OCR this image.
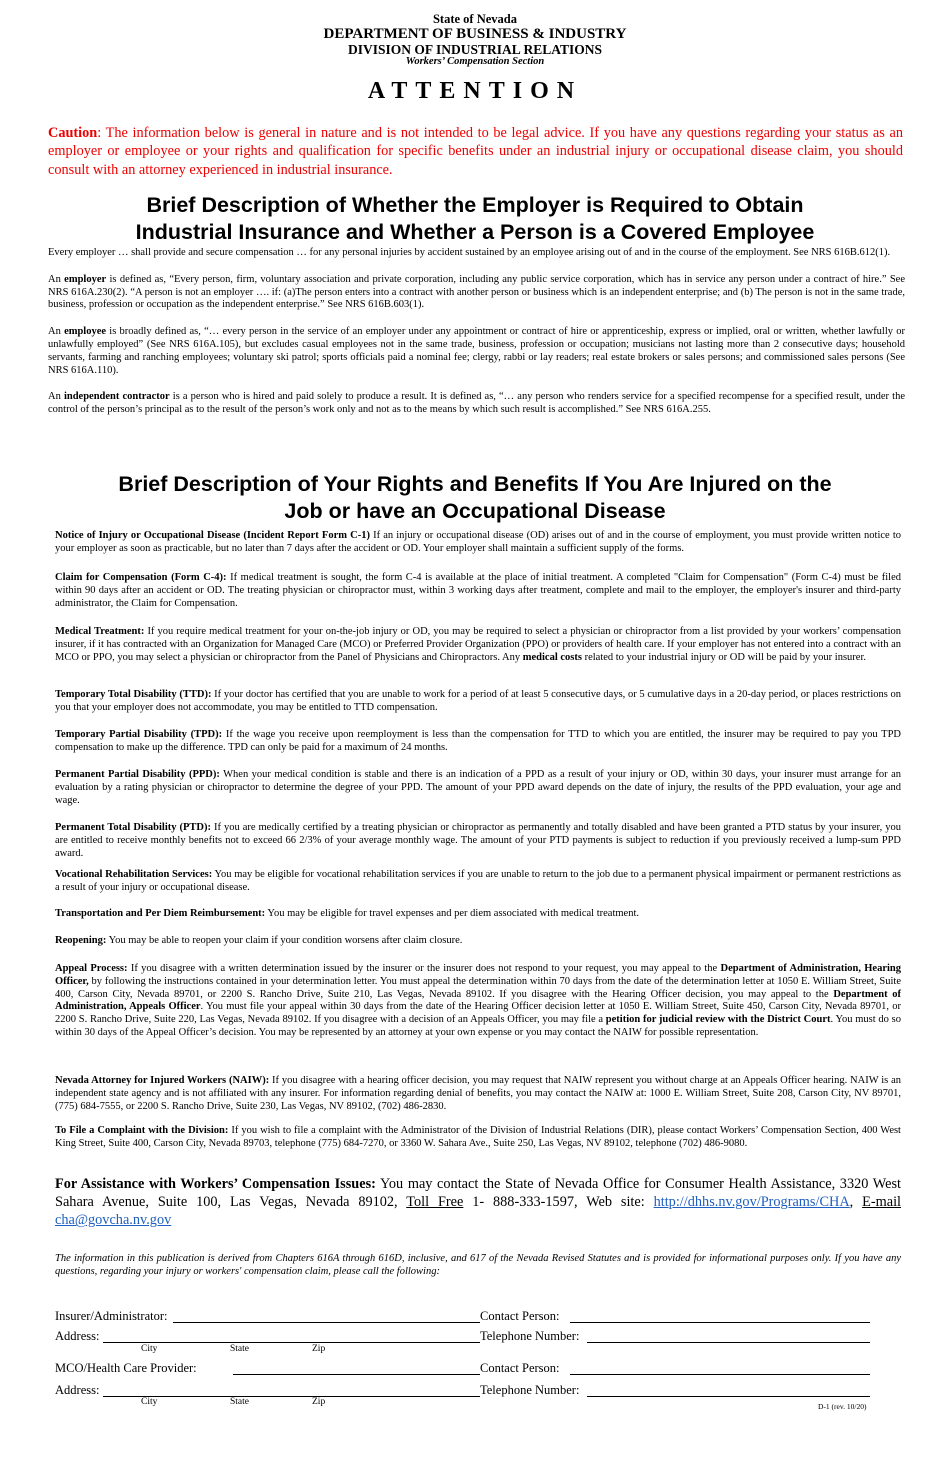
State of Nevada
DEPARTMENT OF BUSINESS & INDUSTRY
DIVISION OF INDUSTRIAL RELATIONS
Workers’ Compensation Section
ATTENTION
Caution: The information below is general in nature and is not intended to be legal advice. If you have any questions regarding your status as an employer or employee or your rights and qualification for specific benefits under an industrial injury or occupational disease claim, you should consult with an attorney experienced in industrial insurance.
Brief Description of Whether the Employer is Required to Obtain
Industrial Insurance and Whether a Person is a Covered Employee

Every employer … shall provide and secure compensation … for any personal injuries by accident sustained by an employee arising out of and in the course of the employment. See NRS 616B.612(1).

An employer is defined as, “Every person, firm, voluntary association and private corporation, including any public service corporation, which has in service any person under a contract of hire.” See NRS 616A.230(2). “A person is not an employer …. if: (a)The person enters into a contract with another person or business which is an independent enterprise; and (b) The person is not in the same trade, business, profession or occupation as the independent enterprise.” See NRS 616B.603(1).

An employee is broadly defined as, “… every person in the service of an employer under any appointment or contract of hire or apprenticeship, express or implied, oral or written, whether lawfully or unlawfully employed” (See NRS 616A.105), but excludes casual employees not in the same trade, business, profession or occupation; musicians not lasting more than 2 consecutive days; household servants, farming and ranching employees; voluntary ski patrol; sports officials paid a nominal fee; clergy, rabbi or lay readers; real estate brokers or sales persons; and commissioned sales persons (See NRS 616A.110).

An independent contractor is a person who is hired and paid solely to produce a result. It is defined as, “… any person who renders service for a specified recompense for a specified result, under the control of the person’s principal as to the result of the person’s work only and not as to the means by which such result is accomplished.” See NRS 616A.255.

Brief Description of Your Rights and Benefits If You Are Injured on the
Job or have an Occupational Disease

Notice of Injury or Occupational Disease (Incident Report Form C-1) If an injury or occupational disease (OD) arises out of and in the course of employment, you must provide written notice to your employer as soon as practicable, but no later than 7 days after the accident or OD. Your employer shall maintain a sufficient supply of the forms.

Claim for Compensation (Form C-4): If medical treatment is sought, the form C-4 is available at the place of initial treatment. A completed "Claim for Compensation" (Form C-4) must be filed within 90 days after an accident or OD. The treating physician or chiropractor must, within 3 working days after treatment, complete and mail to the employer, the employer's insurer and third-party administrator, the Claim for Compensation.

Medical Treatment: If you require medical treatment for your on-the-job injury or OD, you may be required to select a physician or chiropractor from a list provided by your workers’ compensation insurer, if it has contracted with an Organization for Managed Care (MCO) or Preferred Provider Organization (PPO) or providers of health care. If your employer has not entered into a contract with an MCO or PPO, you may select a physician or chiropractor from the Panel of Physicians and Chiropractors. Any medical costs related to your industrial injury or OD will be paid by your insurer.

Temporary Total Disability (TTD): If your doctor has certified that you are unable to work for a period of at least 5 consecutive days, or 5 cumulative days in a 20-day period, or places restrictions on you that your employer does not accommodate, you may be entitled to TTD compensation.

Temporary Partial Disability (TPD): If the wage you receive upon reemployment is less than the compensation for TTD to which you are entitled, the insurer may be required to pay you TPD compensation to make up the difference. TPD can only be paid for a maximum of 24 months.

Permanent Partial Disability (PPD): When your medical condition is stable and there is an indication of a PPD as a result of your injury or OD, within 30 days, your insurer must arrange for an evaluation by a rating physician or chiropractor to determine the degree of your PPD. The amount of your PPD award depends on the date of injury, the results of the PPD evaluation, your age and wage.

Permanent Total Disability (PTD): If you are medically certified by a treating physician or chiropractor as permanently and totally disabled and have been granted a PTD status by your insurer, you are entitled to receive monthly benefits not to exceed 66 2/3% of your average monthly wage. The amount of your PTD payments is subject to reduction if you previously received a lump-sum PPD award.

Vocational Rehabilitation Services: You may be eligible for vocational rehabilitation services if you are unable to return to the job due to a permanent physical impairment or permanent restrictions as a result of your injury or occupational disease.

Transportation and Per Diem Reimbursement: You may be eligible for travel expenses and per diem associated with medical treatment.

Reopening: You may be able to reopen your claim if your condition worsens after claim closure.

Appeal Process: If you disagree with a written determination issued by the insurer or the insurer does not respond to your request, you may appeal to the Department of Administration, Hearing Officer, by following the instructions contained in your determination letter. You must appeal the determination within 70 days from the date of the determination letter at 1050 E. William Street, Suite 400, Carson City, Nevada 89701, or 2200 S. Rancho Drive, Suite 210, Las Vegas, Nevada 89102. If you disagree with the Hearing Officer decision, you may appeal to the Department of Administration, Appeals Officer. You must file your appeal within 30 days from the date of the Hearing Officer decision letter at 1050 E. William Street, Suite 450, Carson City, Nevada 89701, or 2200 S. Rancho Drive, Suite 220, Las Vegas, Nevada 89102. If you disagree with a decision of an Appeals Officer, you may file a petition for judicial review with the District Court. You must do so within 30 days of the Appeal Officer’s decision. You may be represented by an attorney at your own expense or you may contact the NAIW for possible representation.

Nevada Attorney for Injured Workers (NAIW): If you disagree with a hearing officer decision, you may request that NAIW represent you without charge at an Appeals Officer hearing. NAIW is an independent state agency and is not affiliated with any insurer. For information regarding denial of benefits, you may contact the NAIW at: 1000 E. William Street, Suite 208, Carson City, NV 89701, (775) 684-7555, or 2200 S. Rancho Drive, Suite 230, Las Vegas, NV 89102, (702) 486-2830.

To File a Complaint with the Division: If you wish to file a complaint with the Administrator of the Division of Industrial Relations (DIR), please contact Workers’ Compensation Section, 400 West King Street, Suite 400, Carson City, Nevada 89703, telephone (775) 684-7270, or 3360 W. Sahara Ave., Suite 250, Las Vegas, NV 89102, telephone (702) 486-9080.

For Assistance with Workers’ Compensation Issues: You may contact the State of Nevada Office for Consumer Health Assistance, 3320 West Sahara Avenue, Suite 100, Las Vegas, Nevada 89102, Toll Free 1- 888-333-1597, Web site: http://dhhs.nv.gov/Programs/CHA, E-mail cha@govcha.nv.gov
The information in this publication is derived from Chapters 616A through 616D, inclusive, and 617 of the Nevada Revised Statutes and is provided for informational purposes only. If you have any questions, regarding your injury or workers' compensation claim, please call the following:
Insurer/Administrator:	Contact Person:
Address:	Telephone Number:
City	State	Zip
MCO/Health Care Provider:	Contact Person:
Address:	Telephone Number:
City	State	Zip	D-1 (rev. 10/20)
